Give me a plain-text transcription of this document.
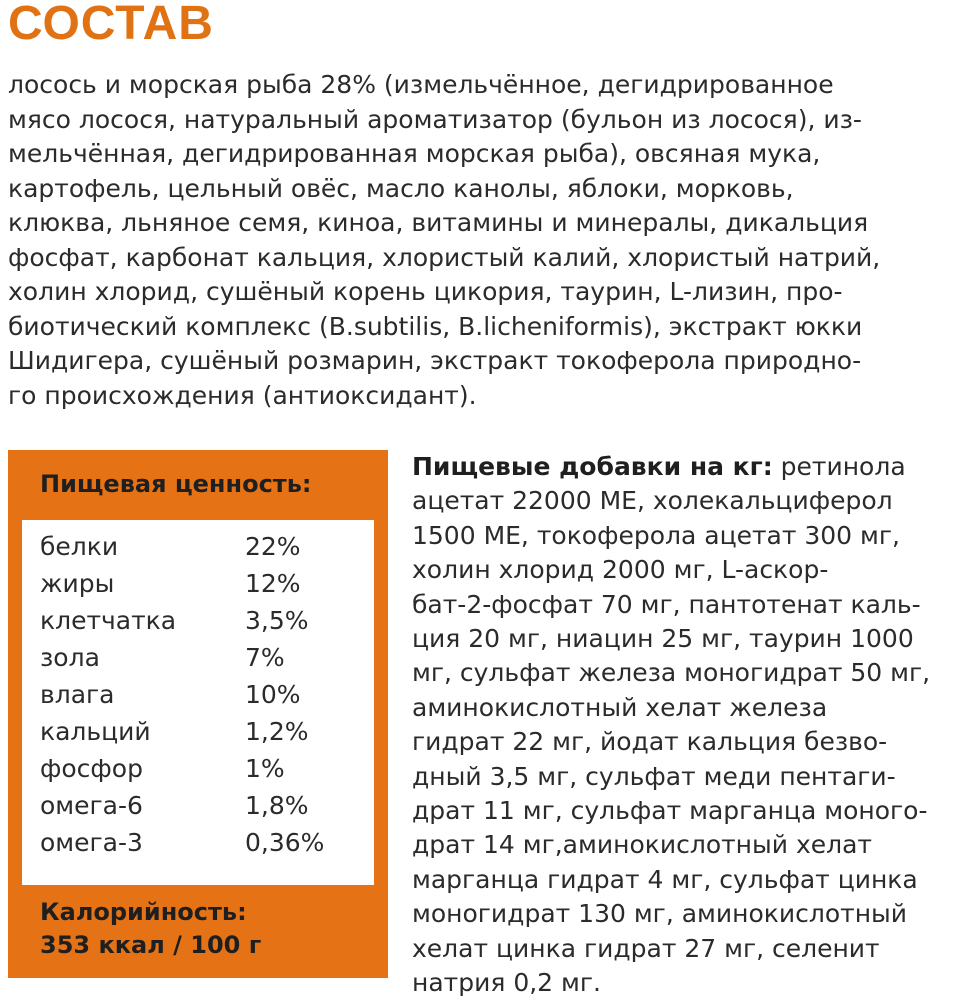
СОСТАВ
лосось и морская рыба 28% (измельчённое, дегидрированное
мясо лосося, натуральный ароматизатор (бульон из лосося), из-
мельчённая, дегидрированная морская рыба), овсяная мука,
картофель, цельный овёс, масло канолы, яблоки, морковь,
клюква, льняное семя, киноа, витамины и минералы, дикальция
фосфат, карбонат кальция, хлористый калий, хлористый натрий,
холин хлорид, сушёный корень цикория, таурин, L-лизин, про-
биотический комплекс (B.subtilis, B.licheniformis), экстракт юкки
Шидигера, сушёный розмарин, экстракт токоферола природно-
го происхождения (антиоксидант).
Пищевая ценность:
белки	22%
жиры	12%
клетчатка	3,5%
зола	7%
влага	10%
кальций	1,2%
фосфор	1%
омега-6	1,8%
омега-3	0,36%
Калорийность:
353 ккал / 100 г
Пищевые добавки на кг: ретинола
ацетат 22000 МЕ, холекальциферол
1500 МЕ, токоферола ацетат 300 мг,
холин хлорид 2000 мг, L-аскор-
бат-2-фосфат 70 мг, пантотенат каль-
ция 20 мг, ниацин 25 мг, таурин 1000
мг, сульфат железа моногидрат 50 мг,
аминокислотный хелат железа
гидрат 22 мг, йодат кальция безво-
дный 3,5 мг, сульфат меди пентаги-
драт 11 мг, сульфат марганца моного-
драт 14 мг,аминокислотный хелат
марганца гидрат 4 мг, сульфат цинка
моногидрат 130 мг, аминокислотный
хелат цинка гидрат 27 мг, селенит
натрия 0,2 мг.
